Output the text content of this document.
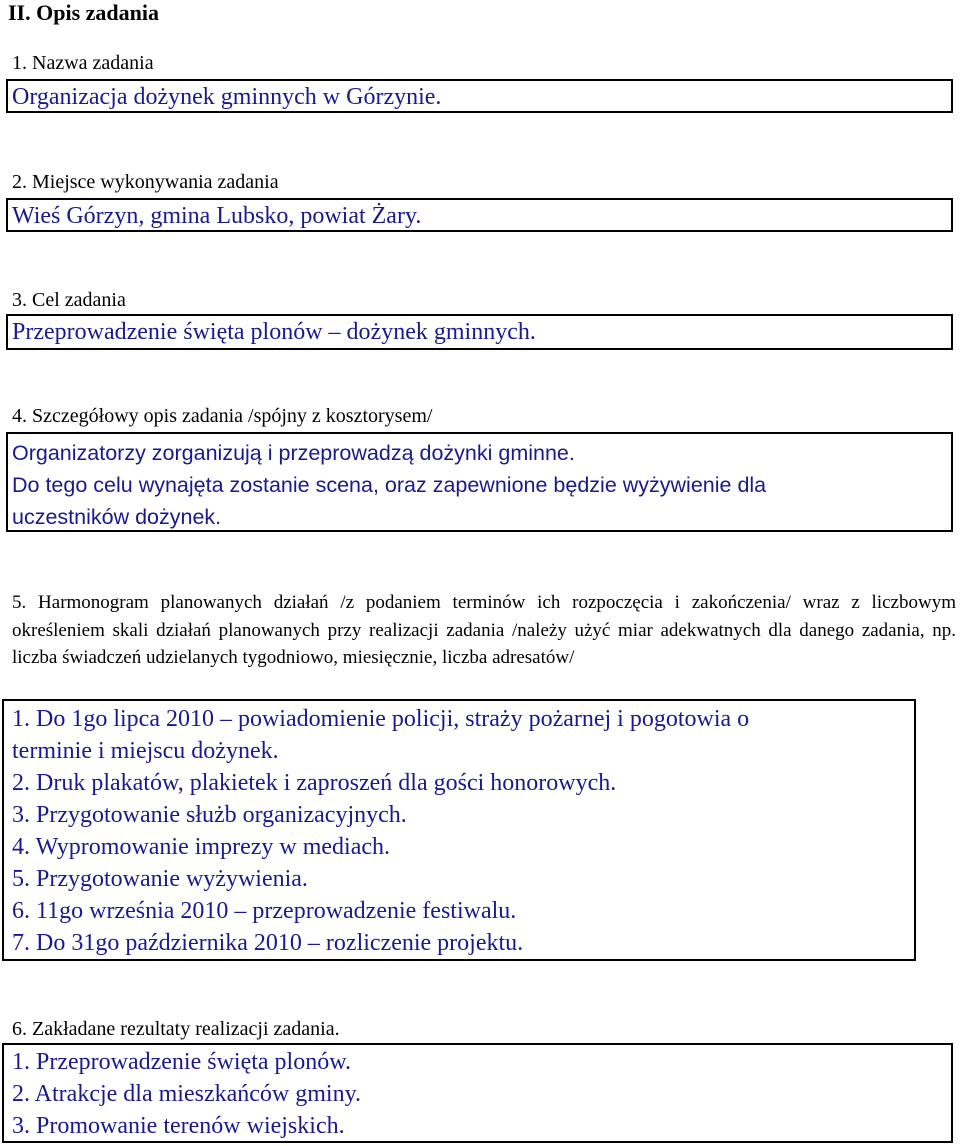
II. Opis zadania
1. Nazwa zadania

Organizacja dożynek gminnych w Górzynie.

2. Miejsce wykonywania zadania

Wieś Górzyn, gmina Lubsko, powiat Żary.

3. Cel zadania

Przeprowadzenie święta plonów – dożynek gminnych.

4. Szczegółowy opis zadania /spójny z kosztorysem/

Organizatorzy zorganizują i przeprowadzą dożynki gminne.

Do tego celu wynajęta zostanie scena, oraz zapewnione będzie wyżywienie dla

uczestników dożynek.

5. Harmonogram planowanych działań /z podaniem terminów ich rozpoczęcia i zakończenia/ wraz z liczbowym określeniem skali działań planowanych przy realizacji zadania /należy użyć miar adekwatnych dla danego zadania, np. liczba świadczeń udzielanych tygodniowo, miesięcznie, liczba adresatów/

1. Do 1go lipca 2010 – powiadomienie policji, straży pożarnej i pogotowia o

terminie i miejscu dożynek.

2. Druk plakatów, plakietek i zaproszeń dla gości honorowych.

3. Przygotowanie służb organizacyjnych.

4. Wypromowanie imprezy w mediach.

5. Przygotowanie wyżywienia.

6. 11go września 2010 – przeprowadzenie festiwalu.

7. Do 31go października 2010 – rozliczenie projektu.

6. Zakładane rezultaty realizacji zadania.

1. Przeprowadzenie święta plonów.

2. Atrakcje dla mieszkańców gminy.

3. Promowanie terenów wiejskich.
